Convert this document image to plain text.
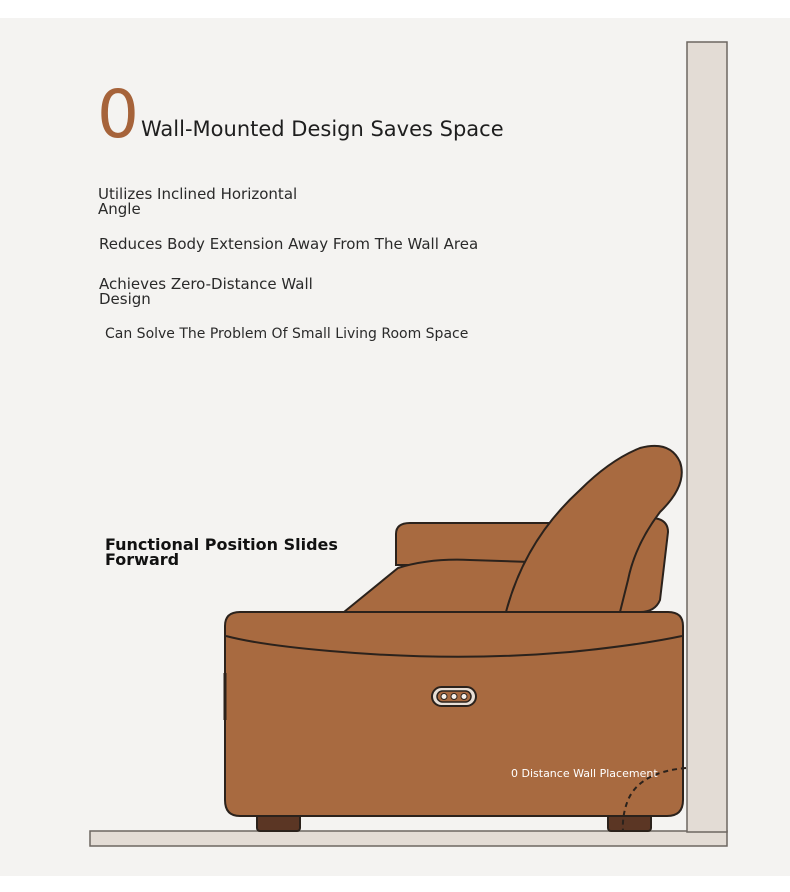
0 Wall-Mounted Design Saves Space
Utilizes Inclined Horizontal
Angle
Reduces Body Extension Away From The Wall Area
Achieves Zero-Distance Wall
Design
Can Solve The Problem Of Small Living Room Space
Functional Position Slides
Forward
0 Distance Wall Placement
